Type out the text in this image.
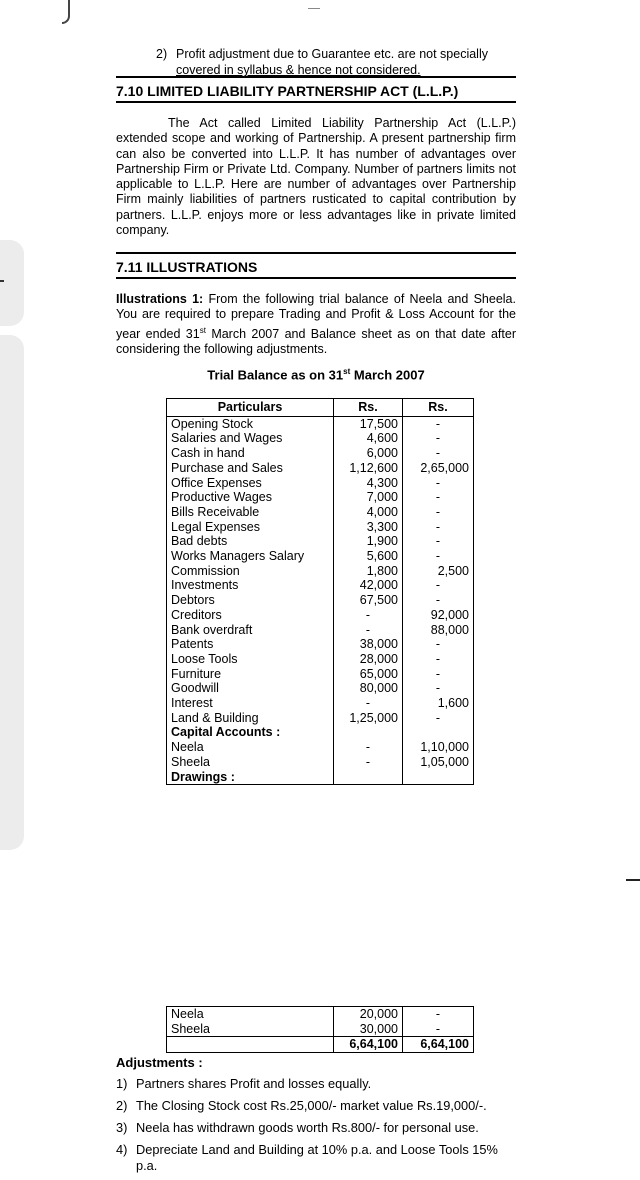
2) Profit adjustment due to Guarantee etc. are not specially
covered in syllabus & hence not considered.
7.10 LIMITED LIABILITY PARTNERSHIP ACT (L.L.P.)
The Act called Limited Liability Partnership Act (L.L.P.) extended scope and working of Partnership. A present partnership firm can also be converted into L.L.P. It has number of advantages over Partnership Firm or Private Ltd. Company. Number of partners limits not applicable to L.L.P. Here are number of advantages over Partnership Firm mainly liabilities of partners rusticated to capital contribution by partners. L.L.P. enjoys more or less advantages like in private limited company.
7.11 ILLUSTRATIONS
Illustrations 1: From the following trial balance of Neela and Sheela. You are required to prepare Trading and Profit & Loss Account for the year ended 31st March 2007 and Balance sheet as on that date after considering the following adjustments.
Trial Balance as on 31st March 2007
Particulars	Rs.	Rs.
Opening Stock	17,500	-
Salaries and Wages	4,600	-
Cash in hand	6,000	-
Purchase and Sales	1,12,600	2,65,000
Office Expenses	4,300	-
Productive Wages	7,000	-
Bills Receivable	4,000	-
Legal Expenses	3,300	-
Bad debts	1,900	-
Works Managers Salary	5,600	-
Commission	1,800	2,500
Investments	42,000	-
Debtors	67,500	-
Creditors	-	92,000
Bank overdraft	-	88,000
Patents	38,000	-
Loose Tools	28,000	-
Furniture	65,000	-
Goodwill	80,000	-
Interest	-	1,600
Land & Building	1,25,000	-
Capital Accounts :		
Neela	-	1,10,000
Sheela	-	1,05,000
Drawings :		
Neela	20,000	-
Sheela	30,000	-
	6,64,100	6,64,100
Adjustments :
1) Partners shares Profit and losses equally.
2) The Closing Stock cost Rs.25,000/- market value Rs.19,000/-.
3) Neela has withdrawn goods worth Rs.800/- for personal use.
4) Depreciate Land and Building at 10% p.a. and Loose Tools 15% p.a.
